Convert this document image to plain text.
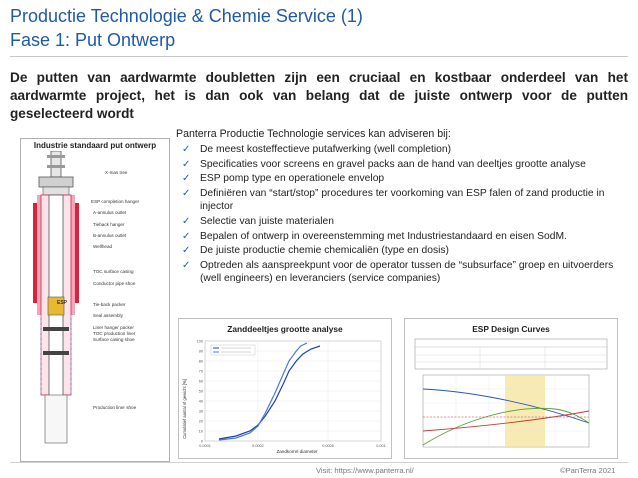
Productie Technologie & Chemie Service (1)
Fase 1: Put Ontwerp
De putten van aardwarmte doubletten zijn een cruciaal en kostbaar onderdeel van het aardwarmte project, het is dan ook van belang dat de juiste ontwerp voor de putten geselecteerd wordt
Industrie standaard put ontwerp
ESP
X-mas tree
ESP completion hanger
A-annulus outlet
Tieback hanger
B-annulus outlet
Wellhead
TOC surface casing
Conductor pipe shoe
Tie-back packer
Seal assembly
Liner hanger packer
TOC production liner
Surface casing shoe
Production liner shoe
Panterra Productie Technologie services kan adviseren bij:
✓ De meest kosteffectieve putafwerking (well completion)
✓ Specificaties voor screens en gravel packs aan de hand van deeltjes grootte analyse
✓ ESP pomp type en operationele envelop
✓ Definiëren van “start/stop” procedures ter voorkoming van ESP falen of zand productie in injector
✓ Selectie van juiste materialen
✓ Bepalen of ontwerp in overeenstemming met Industriestandaard en eisen SodM.
✓ De juiste productie chemie chemicaliën (type en dosis)
✓ Optreden als aanspreekpunt voor de operator tussen de “subsurface” groep en uitvoerders (well engineers) en leveranciers (service companies)
Zanddeeltjes grootte analyse
Cumulatief aantal of gewicht [%]
Zandkorrel diameter
0
10
20
30
40
50
60
70
80
90
100
0.0001	0.0002	0.0005	0.001
ESP Design Curves
Visit: https://www.panterra.nl/	©PanTerra 2021
